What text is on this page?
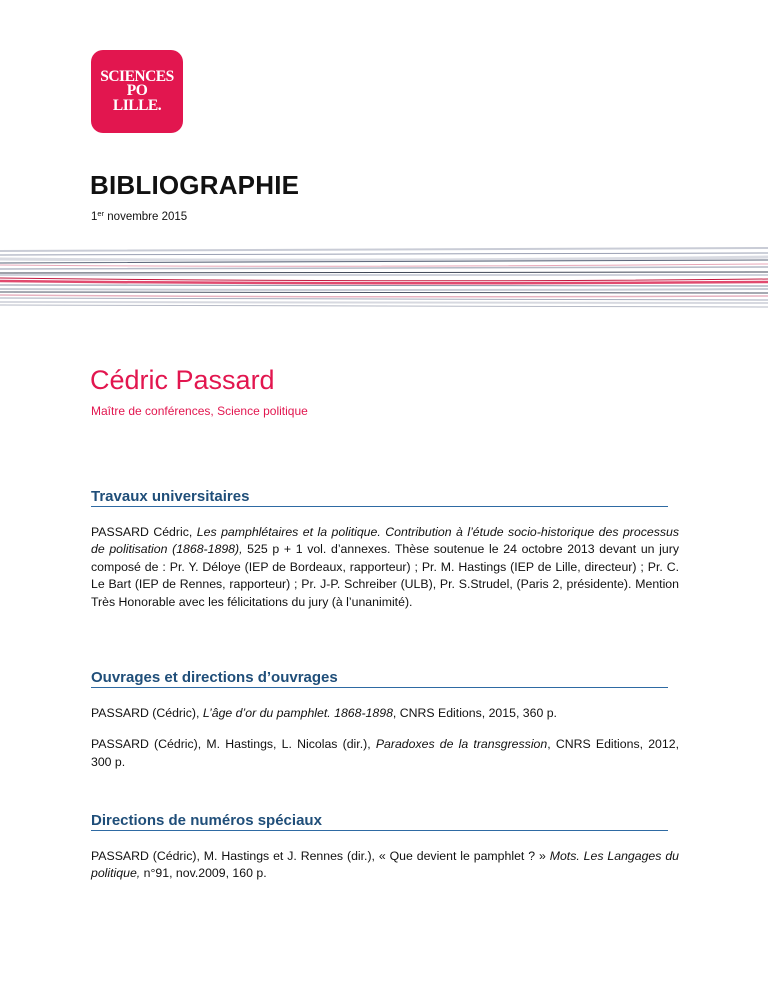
SCIENCES
PO
LILLE.
BIBLIOGRAPHIE
1er novembre 2015
Cédric Passard
Maître de conférences, Science politique
Travaux universitaires

PASSARD Cédric, Les pamphlétaires et la politique. Contribution à l’étude socio-historique des processus de politisation (1868-1898), 525 p + 1 vol. d’annexes. Thèse soutenue le 24 octobre 2013 devant un jury composé de : Pr. Y. Déloye (IEP de Bordeaux, rapporteur) ; Pr. M. Hastings (IEP de Lille, directeur) ; Pr. C. Le Bart (IEP de Rennes, rapporteur) ; Pr. J-P. Schreiber (ULB), Pr. S.Strudel, (Paris 2, présidente). Mention Très Honorable avec les félicitations du jury (à l’unanimité).

Ouvrages et directions d’ouvrages

PASSARD (Cédric), L’âge d’or du pamphlet. 1868-1898, CNRS Editions, 2015, 360 p.

PASSARD (Cédric), M. Hastings, L. Nicolas (dir.), Paradoxes de la transgression, CNRS Editions, 2012, 300 p.

Directions de numéros spéciaux

PASSARD (Cédric), M. Hastings et J. Rennes (dir.), « Que devient le pamphlet ? » Mots. Les Langages du politique, n°91, nov.2009, 160 p.
